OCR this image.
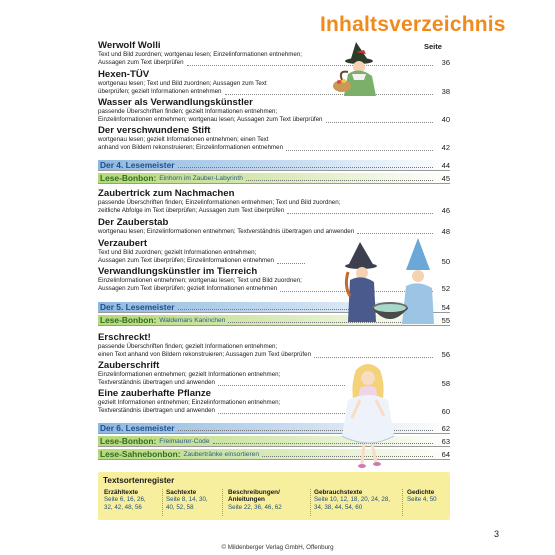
Inhaltsverzeichnis
Seite
Werwolf Wolli
Text und Bild zuordnen; wortgenau lesen; Einzelinformationen entnehmen;
Aussagen zum Text überprüfen	36
Hexen-TÜV
wortgenau lesen; Text und Bild zuordnen; Aussagen zum Text
überprüfen; gezielt Informationen entnehmen	38
Wasser als Verwandlungskünstler
passende Überschriften finden; gezielt Informationen entnehmen;
Einzelinformationen entnehmen; wortgenau lesen; Aussagen zum Text überprüfen	40
Der verschwundene Stift
wortgenau lesen; gezielt Informationen entnehmen; einen Text
anhand von Bildern rekonstruieren; Einzelinformationen entnehmen	42
Der 4. Lesemeister	44
Lese-Bonbon: Einhorn im Zauber-Labyrinth	45
Zaubertrick zum Nachmachen
passende Überschriften finden; Einzelinformationen entnehmen; Text und Bild zuordnen;
zeitliche Abfolge im Text überprüfen; Aussagen zum Text überprüfen	46
Der Zauberstab
wortgenau lesen; Einzelinformationen entnehmen; Textverständnis übertragen und anwenden	48
Verzaubert
Text und Bild zuordnen; gezielt Informationen entnehmen;
Aussagen zum Text überprüfen; Einzelinformationen entnehmen	50
Verwandlungskünstler im Tierreich
Einzelinformationen entnehmen; wortgenau lesen; Text und Bild zuordnen;
Aussagen zum Text überprüfen; gezielt Informationen entnehmen	52
Der 5. Lesemeister	54
Lese-Bonbon: Waldemars Kaninchen	55
Erschreckt!
passende Überschriften finden; gezielt Informationen entnehmen;
einen Text anhand von Bildern rekonstruieren; Aussagen zum Text überprüfen	56
Zauberschrift
Einzelinformationen entnehmen; gezielt Informationen entnehmen;
Textverständnis übertragen und anwenden	58
Eine zauberhafte Pflanze
gezielt Informationen entnehmen; Einzelinformationen entnehmen;
Textverständnis übertragen und anwenden	60
Der 6. Lesemeister	62
Lese-Bonbon: Freimaurer-Code	63
Lese-Sahnebonbon: Zaubertränke einsortieren	64
Textsortenregister
Erzähltexte
Seite 6, 16, 26,
32, 42, 48, 56
Sachtexte
Seite 8, 14, 30,
40, 52, 58
Beschreibungen/
Anleitungen
Seite 22, 36, 46, 62
Gebrauchstexte
Seite 10, 12, 18, 20, 24, 28,
34, 38, 44, 54, 60
Gedichte
Seite 4, 50
3
© Mildenberger Verlag GmbH, Offenburg
